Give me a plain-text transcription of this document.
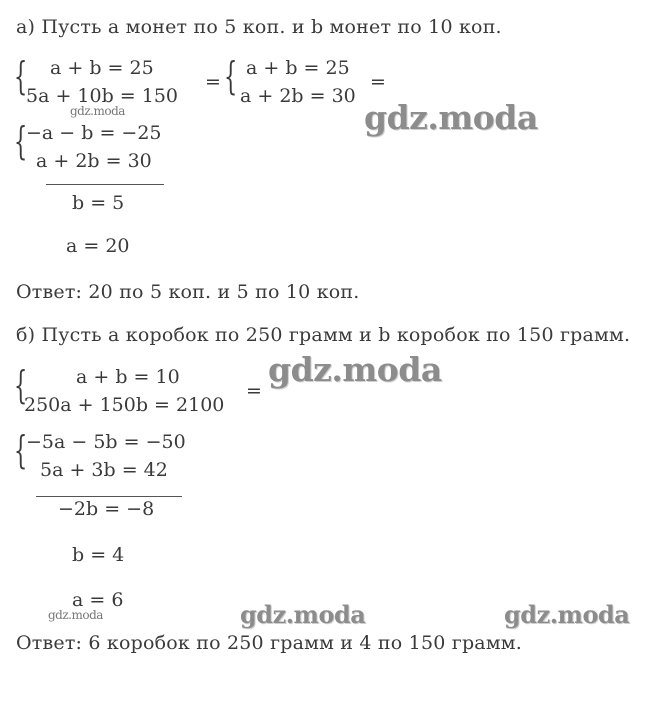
а) Пусть a монет по 5 коп. и b монет по 10 коп.
{ a + b = 25
5a + 10b = 150
= { a + b = 25
a + 2b = 30
=
{
−a − b = −25
a + 2b = 30
b = 5
a = 20
Ответ: 20 по 5 коп. и 5 по 10 коп.
б) Пусть a коробок по 250 грамм и b коробок по 150 грамм.
{	a + b = 10
250a + 150b = 2100
=
{
−5a − 5b = −50
5a + 3b = 42
−2b = −8
b = 4
a = 6
Ответ: 6 коробок по 250 грамм и 4 по 150 грамм.
gdz.moda	gdz.moda
gdz.moda
gdz.moda	gdz.moda	gdz.moda
